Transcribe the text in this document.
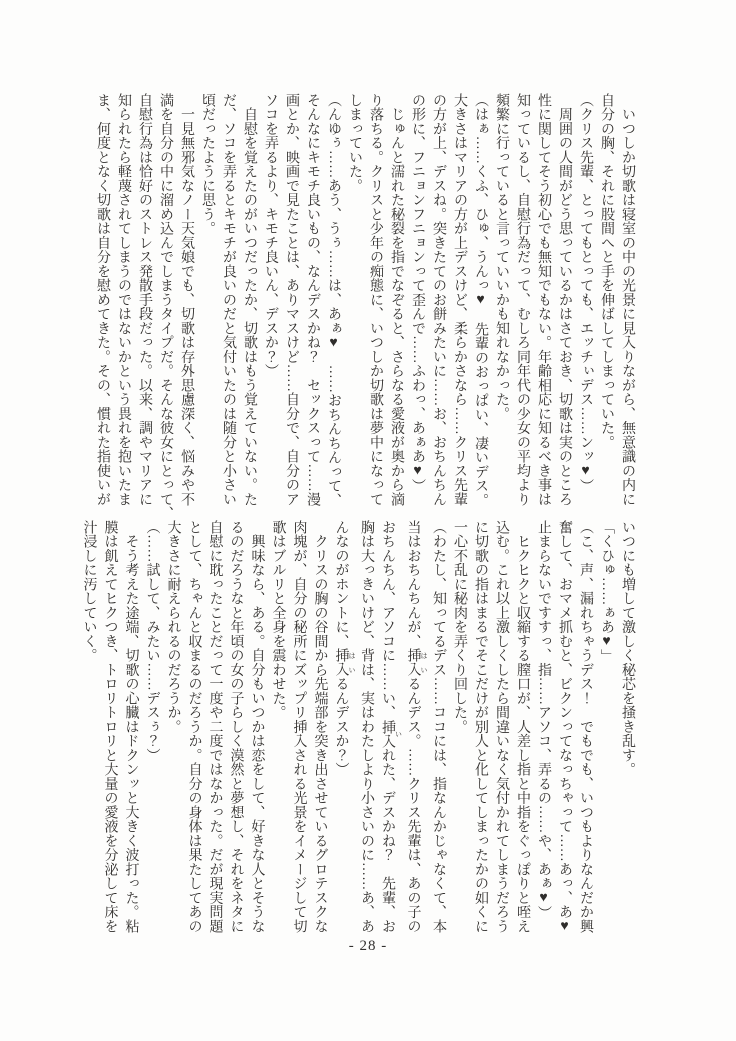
　いつしか切歌は寝室の中の光景に見入りながら、無意識の内に
自分の胸、それに股間へと手を伸ばしてしまっていた。
（クリス先輩、とってもとっても、エッチぃデス……ンッ♥）
　周囲の人間がどう思っているかはさておき、切歌は実のところ
性に関してそう初心でも無知でもない。年齢相応に知るべき事は
知っているし、自慰行為だって、むしろ同年代の少女の平均より
頻繁に行っていると言っていいかも知れなかった。
（はぁ……くふ、ひゅ、うんっ♥　先輩のおっぱい、凄いデス。
大きさはマリアの方が上デスけど、柔らかさなら……クリス先輩
の方が上、デスね。突きたてのお餅みたいに……お、おちんちん
の形に、フニョンフニョンって歪んで……ふわっ、あぁあ♥）
　じゅんと濡れた秘裂を指でなぞると、さらなる愛液が奥から滴
り落ちる。クリスと少年の痴態に、いつしか切歌は夢中になって
しまっていた。
（んゆぅ……あう、うぅ……は、あぁ♥　……おちんちんって、
そんなにキモチ良いもの、なんデスかね？　セックスって……漫
画とか、映画で見たことは、ありマスけど……自分で、自分のア
ソコを弄るより、キモチ良いん、デスか？）
　自慰を覚えたのがいつだったか、切歌はもう覚えていない。た
だ、ソコを弄るとキモチが良いのだと気付いたのは随分と小さい
頃だったように思う。
　一見無邪気なノー天気娘でも、切歌は存外思慮深く、悩みや不
満を自分の中に溜め込んでしまうタイプだ。そんな彼女にとって、
自慰行為は恰好のストレス発散手段だった。以来、調やマリアに
知られたら軽蔑されてしまうのではないかという畏れを抱いたま
ま、何度となく切歌は自分を慰めてきた。その、慣れた指使いが
いつにも増して激しく秘芯を掻き乱す。
「くひゅ……ぁあ♥」
（こ、声、漏れちゃうデス！　でもでも、いつもよりなんだか興
奮して、おマメ抓むと、ビクンってなっちゃって……あっ、あ♥
止まらないですすっ、指……アソコ、弄るの……や、あぁ♥）
　ヒクヒクと収縮する膣口が、人差し指と中指をぐっぽりと咥え
込む。これ以上激しくしたら間違いなく気付かれてしまうだろう
に切歌の指はまるでそこだけが別人と化してしまったかの如くに
一心不乱に秘肉を弄くり回した。
（わたし、知ってるデス……ココには、指なんかじゃなくて、本
当はおちんちんが、挿入 はいるんデス。……クリス先輩は、あの子の
おちんちん、アソコに……い、挿入 いれた、デスかね？　先輩、お
胸は大っきいけど、背は、実はわたしより小さいのに……あ、あ
んなのがホントに、挿入 はいるんデスか？）
　クリスの胸の谷間から先端部を突き出させているグロテスクな
肉塊が、自分の秘所にズップリ挿入される光景をイメージして切
歌はブルリと全身を震わせた。
　興味なら、ある。自分もいつかは恋をして、好きな人とそうな
るのだろうなと年頃の女の子らしく漠然と夢想し、それをネタに
自慰に耽ったことだって一度や二度ではなかった。だが現実問題
として、ちゃんと収まるのだろうか。自分の身体は果たしてあの
大きさに耐えられるのだろうか。
（……試して、みたい……デスぅ？）
　そう考えた途端、切歌の心臓はドクンッと大きく波打った。粘
膜は飢えてヒクつき、トロリトロリと大量の愛液を分泌して床を
汁浸しに汚していく。
- 28 -
